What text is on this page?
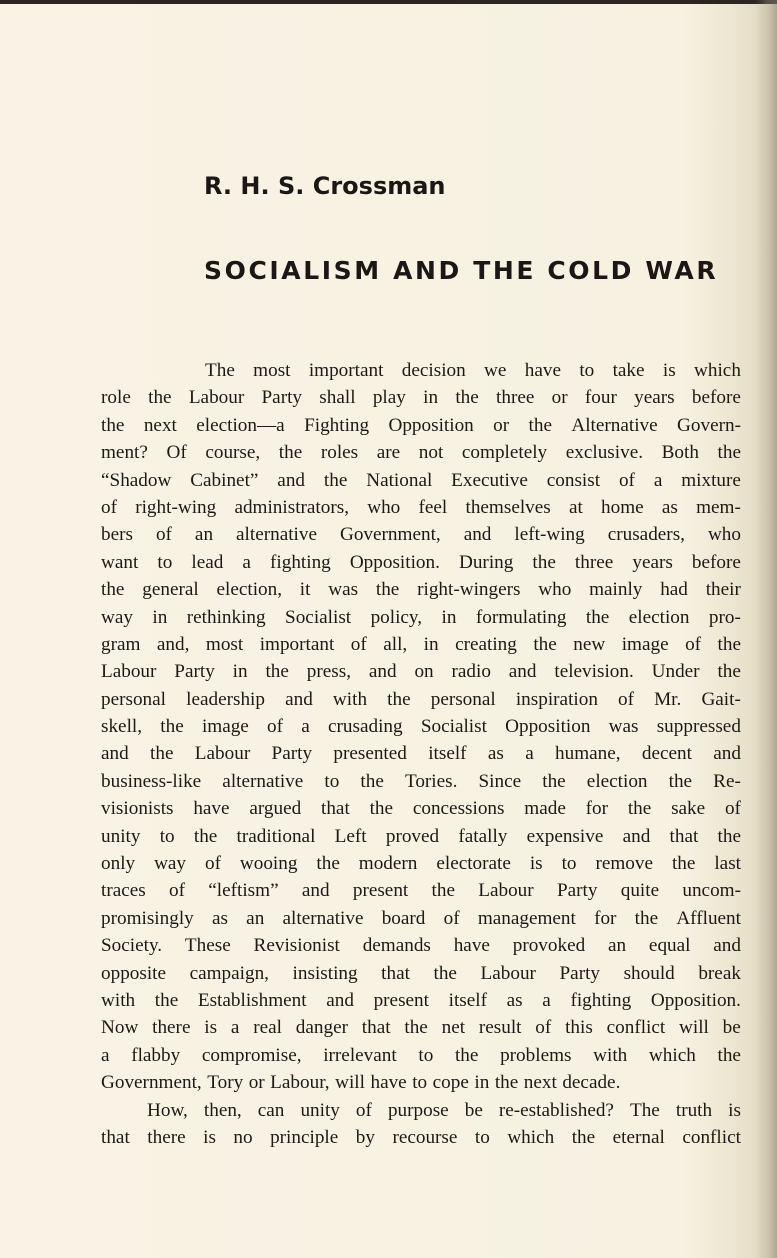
R. H. S. Crossman
SOCIALISM AND THE COLD WAR
The most important decision we have to take is which
role the Labour Party shall play in the three or four years before
the next election—a Fighting Opposition or the Alternative Govern-
ment? Of course, the roles are not completely exclusive. Both the
“Shadow Cabinet” and the National Executive consist of a mixture
of right-wing administrators, who feel themselves at home as mem-
bers of an alternative Government, and left-wing crusaders, who
want to lead a fighting Opposition. During the three years before
the general election, it was the right-wingers who mainly had their
way in rethinking Socialist policy, in formulating the election pro-
gram and, most important of all, in creating the new image of the
Labour Party in the press, and on radio and television. Under the
personal leadership and with the personal inspiration of Mr. Gait-
skell, the image of a crusading Socialist Opposition was suppressed
and the Labour Party presented itself as a humane, decent and
business-like alternative to the Tories. Since the election the Re-
visionists have argued that the concessions made for the sake of
unity to the traditional Left proved fatally expensive and that the
only way of wooing the modern electorate is to remove the last
traces of “leftism” and present the Labour Party quite uncom-
promisingly as an alternative board of management for the Affluent
Society. These Revisionist demands have provoked an equal and
opposite campaign, insisting that the Labour Party should break
with the Establishment and present itself as a fighting Opposition.
Now there is a real danger that the net result of this conflict will be
a flabby compromise, irrelevant to the problems with which the
Government, Tory or Labour, will have to cope in the next decade.
How, then, can unity of purpose be re-established? The truth is
that there is no principle by recourse to which the eternal conflict
